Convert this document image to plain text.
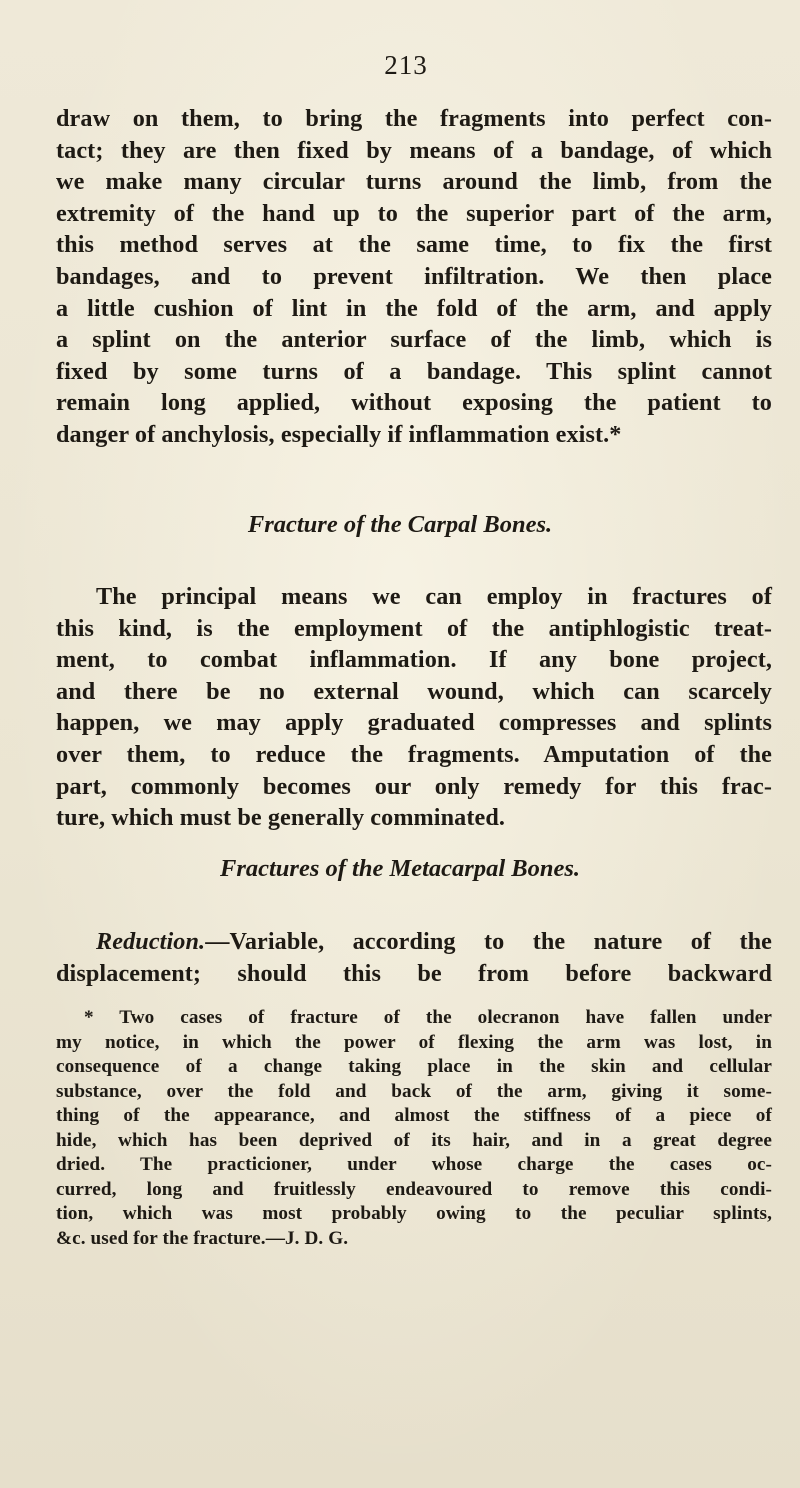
213

draw on them, to bring the fragments into perfect con-
tact; they are then fixed by means of a bandage, of which
we make many circular turns around the limb, from the
extremity of the hand up to the superior part of the arm,
this method serves at the same time, to fix the first
bandages, and to prevent infiltration. We then place
a little cushion of lint in the fold of the arm, and apply
a splint on the anterior surface of the limb, which is
fixed by some turns of a bandage. This splint cannot
remain long applied, without exposing the patient to
danger of anchylosis, especially if inflammation exist.*

Fracture of the Carpal Bones.

The principal means we can employ in fractures of
this kind, is the employment of the antiphlogistic treat-
ment, to combat inflammation. If any bone project,
and there be no external wound, which can scarcely
happen, we may apply graduated compresses and splints
over them, to reduce the fragments. Amputation of the
part, commonly becomes our only remedy for this frac-
ture, which must be generally comminated.

Fractures of the Metacarpal Bones.

Reduction.—Variable, according to the nature of the
displacement; should this be from before backward
* Two cases of fracture of the olecranon have fallen under
my notice, in which the power of flexing the arm was lost, in
consequence of a change taking place in the skin and cellular
substance, over the fold and back of the arm, giving it some-
thing of the appearance, and almost the stiffness of a piece of
hide, which has been deprived of its hair, and in a great degree
dried. The practicioner, under whose charge the cases oc-
curred, long and fruitlessly endeavoured to remove this condi-
tion, which was most probably owing to the peculiar splints,
&c. used for the fracture.—J. D. G.
